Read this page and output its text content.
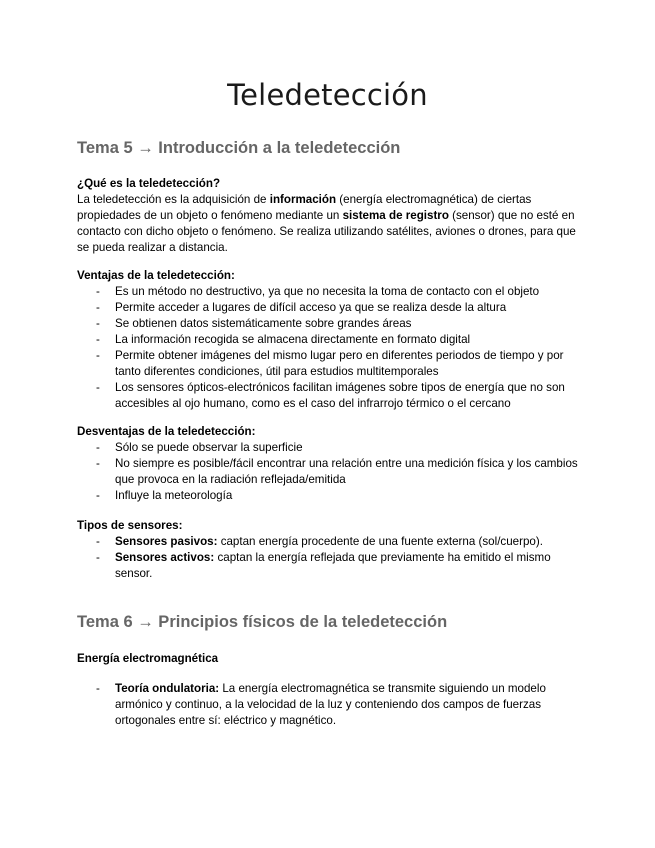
Teledetección
Tema 5 → Introducción a la teledetección

¿Qué es la teledetección?

La teledetección es la adquisición de información (energía electromagnética) de ciertas propiedades de un objeto o fenómeno mediante un sistema de registro (sensor) que no esté en contacto con dicho objeto o fenómeno. Se realiza utilizando satélites, aviones o drones, para que se pueda realizar a distancia.

Ventajas de la teledetección:

- Es un método no destructivo, ya que no necesita la toma de contacto con el objeto
- Permite acceder a lugares de difícil acceso ya que se realiza desde la altura
- Se obtienen datos sistemáticamente sobre grandes áreas
- La información recogida se almacena directamente en formato digital
- Permite obtener imágenes del mismo lugar pero en diferentes periodos de tiempo y por tanto diferentes condiciones, útil para estudios multitemporales
- Los sensores ópticos-electrónicos facilitan imágenes sobre tipos de energía que no son accesibles al ojo humano, como es el caso del infrarrojo térmico o el cercano

Desventajas de la teledetección:

- Sólo se puede observar la superficie
- No siempre es posible/fácil encontrar una relación entre una medición física y los cambios que provoca en la radiación reflejada/emitida
- Influye la meteorología

Tipos de sensores:

- Sensores pasivos: captan energía procedente de una fuente externa (sol/cuerpo).
- Sensores activos: captan la energía reflejada que previamente ha emitido el mismo sensor.
Tema 6 → Principios físicos de la teledetección

Energía electromagnética

- Teoría ondulatoria: La energía electromagnética se transmite siguiendo un modelo armónico y continuo, a la velocidad de la luz y conteniendo dos campos de fuerzas ortogonales entre sí: eléctrico y magnético.
